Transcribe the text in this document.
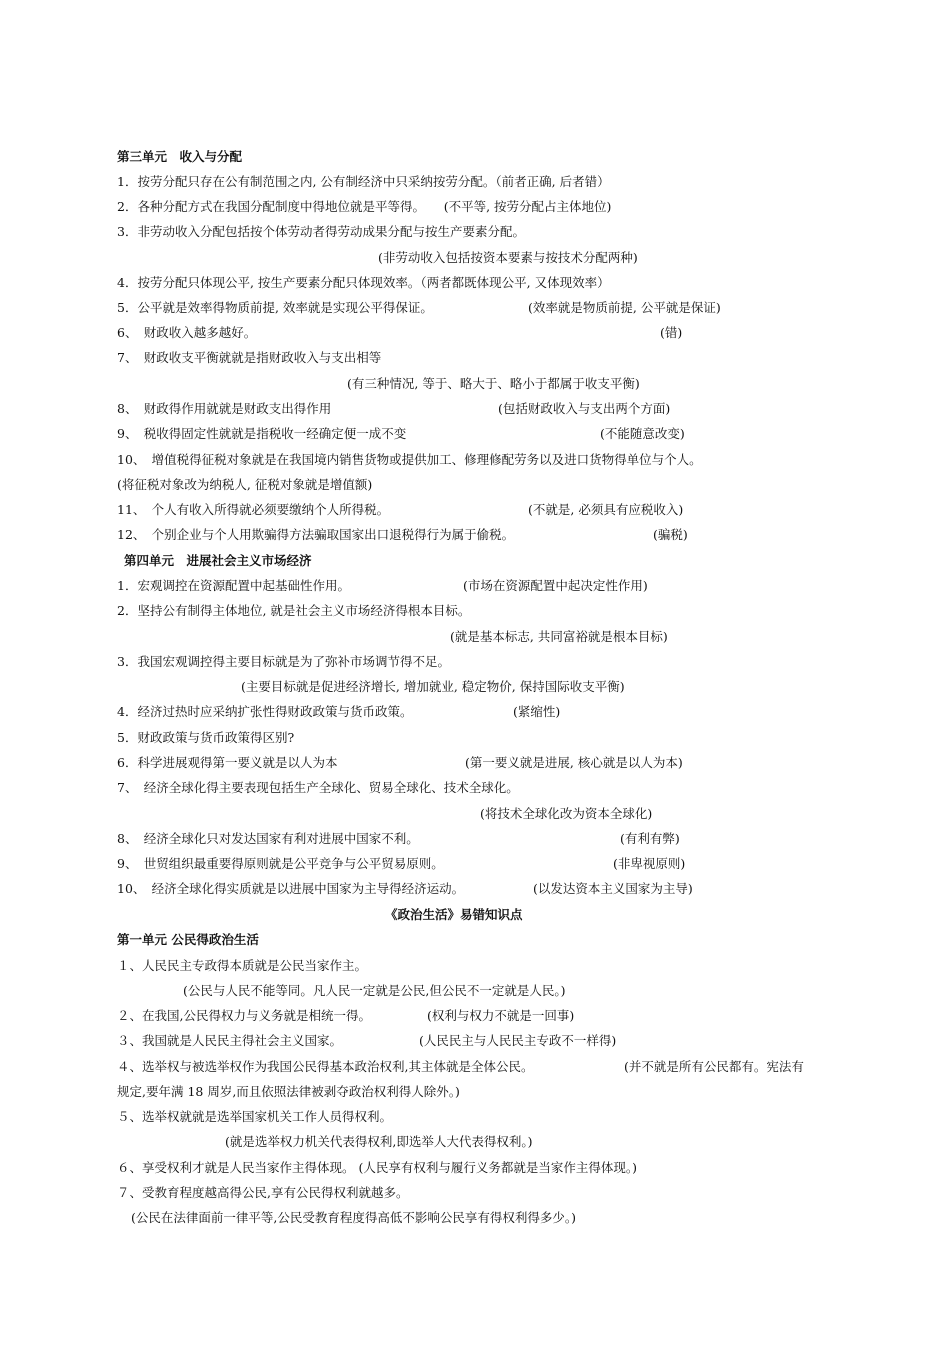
第三单元　收入与分配
1．按劳分配只存在公有制范围之内, 公有制经济中只采纳按劳分配。（前者正确, 后者错）
2．各种分配方式在我国分配制度中得地位就是平等得。　　(不平等, 按劳分配占主体地位)
3．非劳动收入分配包括按个体劳动者得劳动成果分配与按生产要素分配。
(非劳动收入包括按资本要素与按技术分配两种)
4．按劳分配只体现公平, 按生产要素分配只体现效率。（两者都既体现公平, 又体现效率）
5．公平就是效率得物质前提, 效率就是实现公平得保证。	(效率就是物质前提, 公平就是保证)
6、　财政收入越多越好。	(错)
7、　财政收支平衡就就是指财政收入与支出相等
(有三种情况, 等于、略大于、略小于都属于收支平衡)
8、　财政得作用就就是财政支出得作用	(包括财政收入与支出两个方面)
9、　税收得固定性就就是指税收一经确定便一成不变	(不能随意改变)
10、　增值税得征税对象就是在我国境内销售货物或提供加工、修理修配劳务以及进口货物得单位与个人。
(将征税对象改为纳税人, 征税对象就是增值额)
11、　个人有收入所得就必须要缴纳个人所得税。	(不就是, 必须具有应税收入)
12、　个别企业与个人用欺骗得方法骗取国家出口退税得行为属于偷税。	(骗税)
第四单元　进展社会主义市场经济
1．宏观调控在资源配置中起基础性作用。	(市场在资源配置中起决定性作用)
2．坚持公有制得主体地位, 就是社会主义市场经济得根本目标。
(就是基本标志, 共同富裕就是根本目标)
3．我国宏观调控得主要目标就是为了弥补市场调节得不足。
(主要目标就是促进经济增长, 增加就业, 稳定物价, 保持国际收支平衡)
4．经济过热时应采纳扩张性得财政政策与货币政策。	(紧缩性)
5．财政政策与货币政策得区别?
6．科学进展观得第一要义就是以人为本	(第一要义就是进展, 核心就是以人为本)
7、　经济全球化得主要表现包括生产全球化、贸易全球化、技术全球化。
(将技术全球化改为资本全球化)
8、　经济全球化只对发达国家有利对进展中国家不利。	(有利有弊)
9、　世贸组织最重要得原则就是公平竞争与公平贸易原则。	(非卑视原则)
10、　经济全球化得实质就是以进展中国家为主导得经济运动。	(以发达资本主义国家为主导)
《政治生活》易错知识点
第一单元 公民得政治生活
１、人民民主专政得本质就是公民当家作主。
(公民与人民不能等同。凡人民一定就是公民,但公民不一定就是人民。)
２、在我国,公民得权力与义务就是相统一得。	(权利与权力不就是一回事)
３、我国就是人民民主得社会主义国家。	(人民民主与人民民主专政不一样得)
４、选举权与被选举权作为我国公民得基本政治权利,其主体就是全体公民。	(并不就是所有公民都有。宪法有
规定,要年满 18 周岁,而且依照法律被剥夺政治权利得人除外。)
５、选举权就就是选举国家机关工作人员得权利。
(就是选举权力机关代表得权利,即选举人大代表得权利。)
６、享受权利才就是人民当家作主得体现。 (人民享有权利与履行义务都就是当家作主得体现。)
７、受教育程度越高得公民,享有公民得权利就越多。
(公民在法律面前一律平等,公民受教育程度得高低不影响公民享有得权利得多少。)
